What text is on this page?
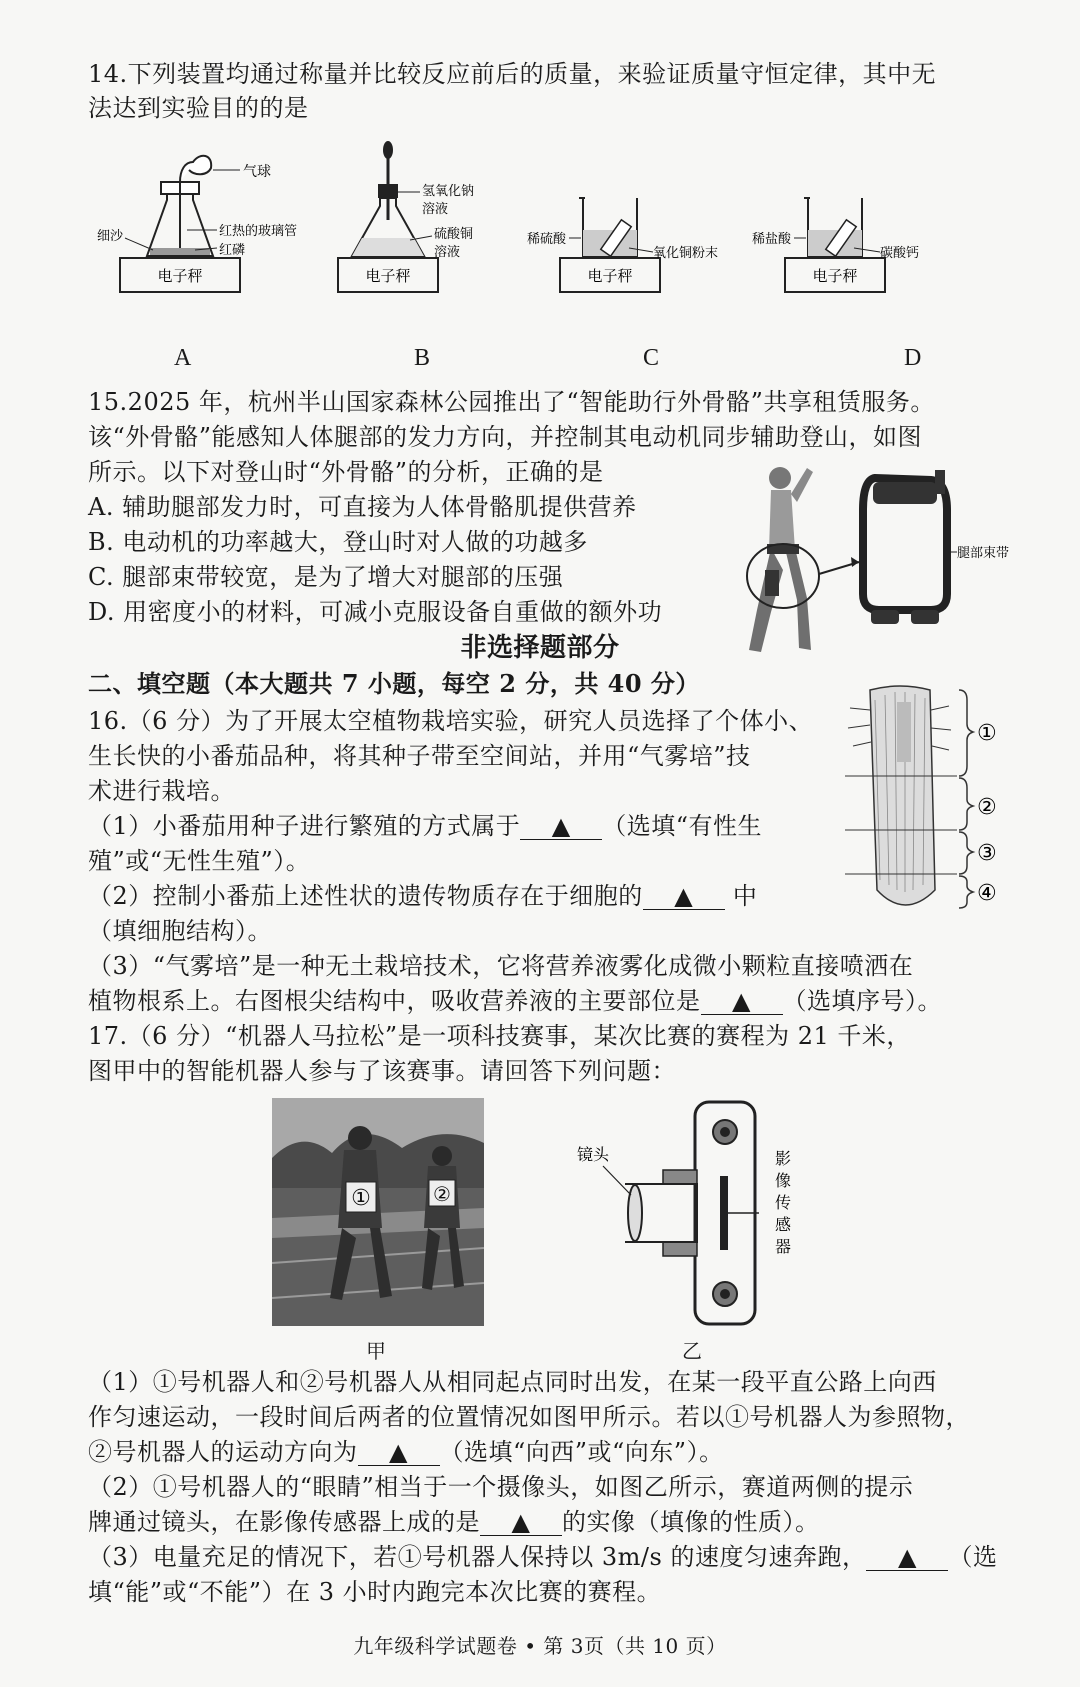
14.下列装置均通过称量并比较反应前后的质量，来验证质量守恒定律，其中无
法达到实验目的的是
电子秤
气球
红热的玻璃管
红磷
细沙
电子秤
氢氧化钠
溶液
硫酸铜
溶液
电子秤
稀硫酸
氧化铜粉末
电子秤
稀盐酸
碳酸钙
A	B	C	D
15.2025 年，杭州半山国家森林公园推出了“智能助行外骨骼”共享租赁服务。
该“外骨骼”能感知人体腿部的发力方向，并控制其电动机同步辅助登山，如图
所示。以下对登山时“外骨骼”的分析，正确的是
A. 辅助腿部发力时，可直接为人体骨骼肌提供营养
B. 电动机的功率越大，登山时对人做的功越多
C. 腿部束带较宽，是为了增大对腿部的压强
D. 用密度小的材料，可减小克服设备自重做的额外功
腿部束带
非选择题部分
二、填空题（本大题共 7 小题，每空 2 分，共 40 分）
16.（6 分）为了开展太空植物栽培实验，研究人员选择了个体小、
生长快的小番茄品种，将其种子带至空间站，并用“气雾培”技
术进行栽培。
（1）小番茄用种子进行繁殖的方式属于 ▲ （选填“有性生
殖”或“无性生殖”）。
（2）控制小番茄上述性状的遗传物质存在于细胞的 ▲ 中
（填细胞结构）。
（3）“气雾培”是一种无土栽培技术，它将营养液雾化成微小颗粒直接喷洒在
植物根系上。右图根尖结构中，吸收营养液的主要部位是 ▲ （选填序号）。
①
②
③
④
17.（6 分）“机器人马拉松”是一项科技赛事，某次比赛的赛程为 21 千米，
图甲中的智能机器人参与了该赛事。请回答下列问题：
①	②
甲
镜头	影
像
传
感
器
乙
（1）①号机器人和②号机器人从相同起点同时出发，在某一段平直公路上向西
作匀速运动，一段时间后两者的位置情况如图甲所示。若以①号机器人为参照物，
②号机器人的运动方向为 ▲ （选填“向西”或“向东”）。
（2）①号机器人的“眼睛”相当于一个摄像头，如图乙所示，赛道两侧的提示
牌通过镜头，在影像传感器上成的是 ▲ 的实像（填像的性质）。
（3）电量充足的情况下，若①号机器人保持以 3m/s 的速度匀速奔跑， ▲ （选
填“能”或“不能”）在 3 小时内跑完本次比赛的赛程。
九年级科学试题卷 • 第 3页（共 10 页）
